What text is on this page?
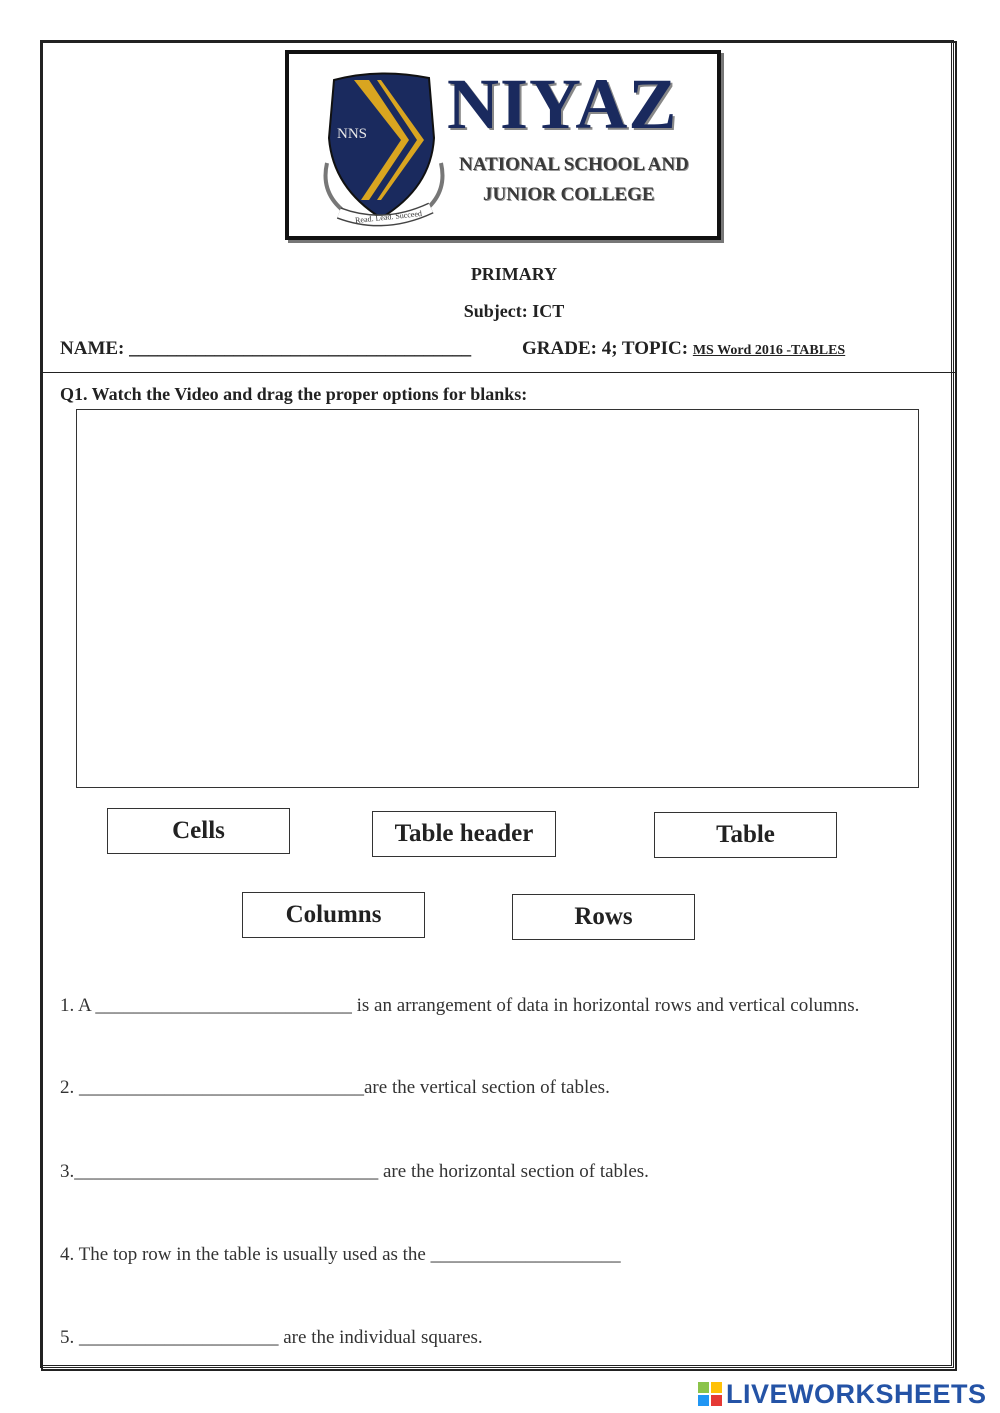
NNS
Read. Lead. Succeed
NIYAZ
NATIONAL SCHOOL AND
JUNIOR COLLEGE
PRIMARY
Subject: ICT
NAME: ____________________________________	GRADE: 4; TOPIC: MS Word 2016 -TABLES
Q1. Watch the Video and drag the proper options for blanks:
Cells	Table header	Table
Columns	Rows
1. A ___________________________ is an arrangement of data in horizontal rows and vertical columns.
2. ______________________________are the vertical section of tables.
3.________________________________ are the horizontal section of tables.
4. The top row in the table is usually used as the ____________________
5. _____________________ are the individual squares.
LIVEWORKSHEETS
